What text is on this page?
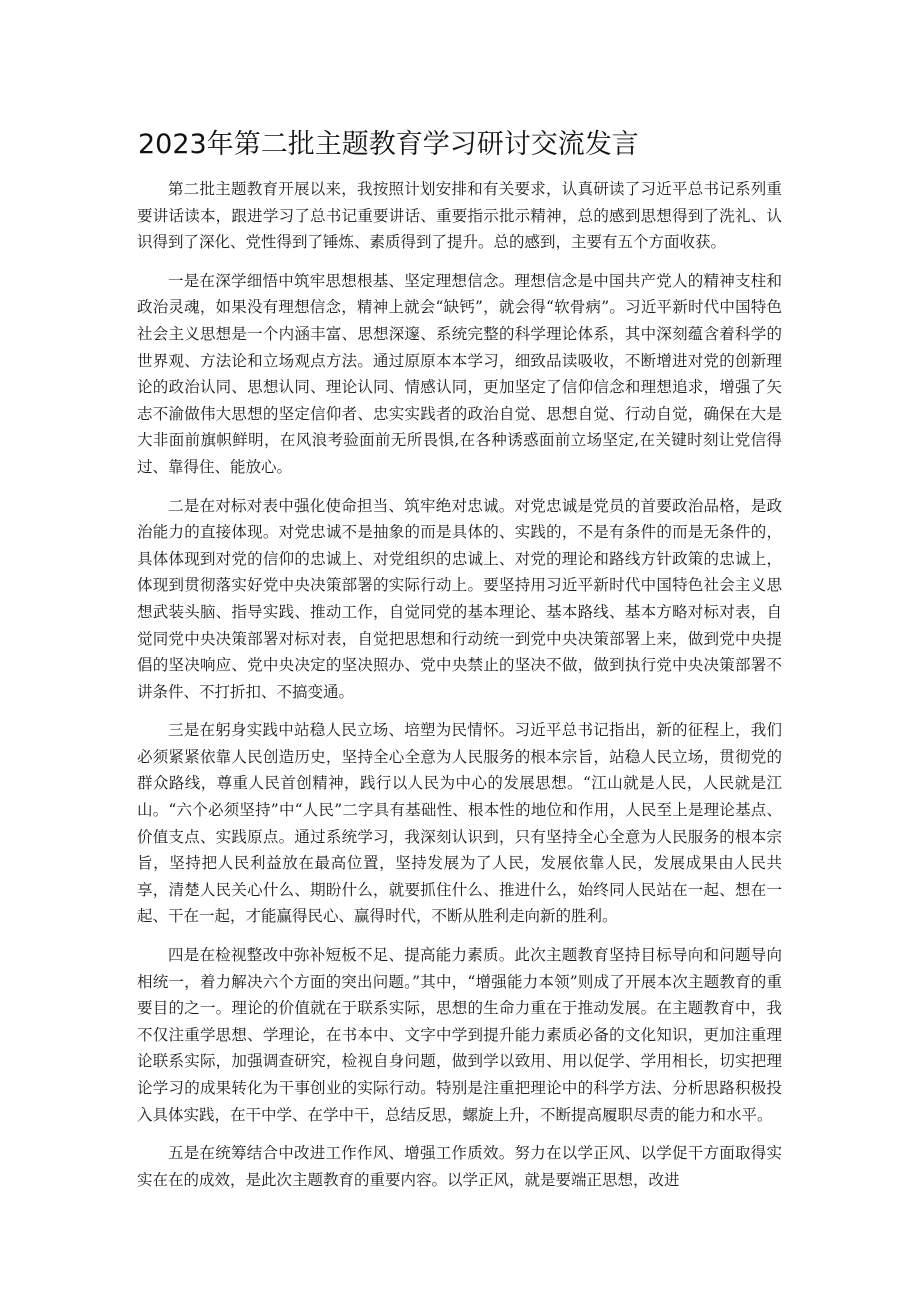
2023年第二批主题教育学习研讨交流发言

第二批主题教育开展以来，我按照计划安排和有关要求，认真研读了习近平总书记系列重要讲话读本，跟进学习了总书记重要讲话、重要指示批示精神，总的感到思想得到了洗礼、认识得到了深化、党性得到了锤炼、素质得到了提升。总的感到，主要有五个方面收获。

一是在深学细悟中筑牢思想根基、坚定理想信念。理想信念是中国共产党人的精神支柱和政治灵魂，如果没有理想信念，精神上就会“缺钙”，就会得“软骨病”。习近平新时代中国特色社会主义思想是一个内涵丰富、思想深邃、系统完整的科学理论体系，其中深刻蕴含着科学的世界观、方法论和立场观点方法。通过原原本本学习，细致品读吸收，不断增进对党的创新理论的政治认同、思想认同、理论认同、情感认同，更加坚定了信仰信念和理想追求，增强了矢志不渝做伟大思想的坚定信仰者、忠实实践者的政治自觉、思想自觉、行动自觉，确保在大是大非面前旗帜鲜明，在风浪考验面前无所畏惧,在各种诱惑面前立场坚定,在关键时刻让党信得过、靠得住、能放心。

二是在对标对表中强化使命担当、筑牢绝对忠诚。对党忠诚是党员的首要政治品格，是政治能力的直接体现。对党忠诚不是抽象的而是具体的、实践的，不是有条件的而是无条件的，具体体现到对党的信仰的忠诚上、对党组织的忠诚上、对党的理论和路线方针政策的忠诚上，体现到贯彻落实好党中央决策部署的实际行动上。要坚持用习近平新时代中国特色社会主义思想武装头脑、指导实践、推动工作，自觉同党的基本理论、基本路线、基本方略对标对表，自觉同党中央决策部署对标对表，自觉把思想和行动统一到党中央决策部署上来，做到党中央提倡的坚决响应、党中央决定的坚决照办、党中央禁止的坚决不做，做到执行党中央决策部署不讲条件、不打折扣、不搞变通。

三是在躬身实践中站稳人民立场、培塑为民情怀。习近平总书记指出，新的征程上，我们必须紧紧依靠人民创造历史，坚持全心全意为人民服务的根本宗旨，站稳人民立场，贯彻党的群众路线，尊重人民首创精神，践行以人民为中心的发展思想。“江山就是人民，人民就是江山。“六个必须坚持”中“人民”二字具有基础性、根本性的地位和作用，人民至上是理论基点、价值支点、实践原点。通过系统学习，我深刻认识到，只有坚持全心全意为人民服务的根本宗旨，坚持把人民利益放在最高位置，坚持发展为了人民，发展依靠人民，发展成果由人民共享，清楚人民关心什么、期盼什么，就要抓住什么、推进什么，始终同人民站在一起、想在一起、干在一起，才能赢得民心、赢得时代，不断从胜利走向新的胜利。

四是在检视整改中弥补短板不足、提高能力素质。此次主题教育坚持目标导向和问题导向相统一，着力解决六个方面的突出问题。”其中，“增强能力本领”则成了开展本次主题教育的重要目的之一。理论的价值就在于联系实际，思想的生命力重在于推动发展。在主题教育中，我不仅注重学思想、学理论，在书本中、文字中学到提升能力素质必备的文化知识，更加注重理论联系实际，加强调查研究，检视自身问题，做到学以致用、用以促学、学用相长，切实把理论学习的成果转化为干事创业的实际行动。特别是注重把理论中的科学方法、分析思路积极投入具体实践，在干中学、在学中干，总结反思，螺旋上升，不断提高履职尽责的能力和水平。

五是在统筹结合中改进工作作风、增强工作质效。努力在以学正风、以学促干方面取得实实在在的成效，是此次主题教育的重要内容。以学正风，就是要端正思想，改进
